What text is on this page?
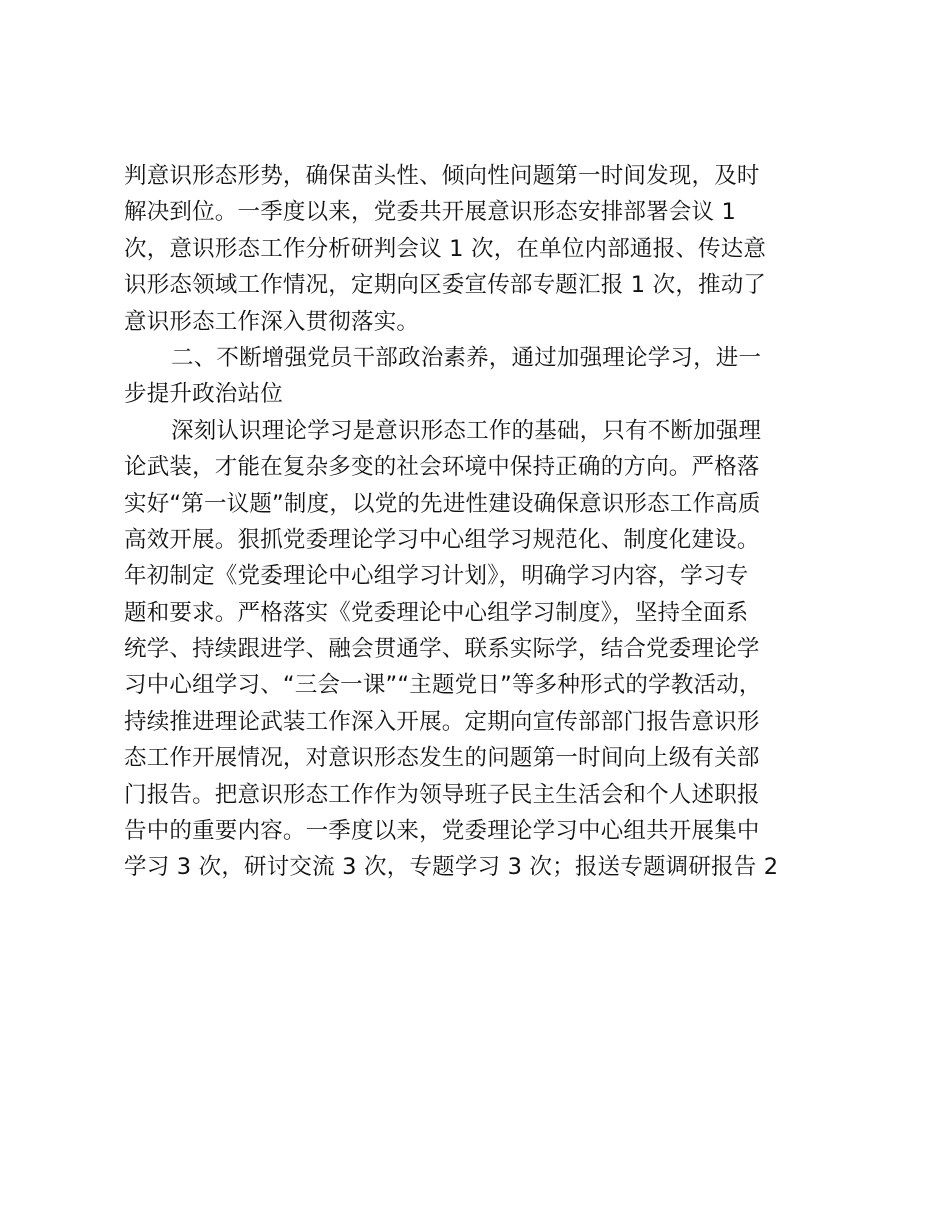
判意识形态形势，确保苗头性、倾向性问题第一时间发现，及时
解决到位。一季度以来，党委共开展意识形态安排部署会议 1
次，意识形态工作分析研判会议 1 次，在单位内部通报、传达意
识形态领域工作情况，定期向区委宣传部专题汇报 1 次，推动了
意识形态工作深入贯彻落实。
二、不断增强党员干部政治素养，通过加强理论学习，进一
步提升政治站位
深刻认识理论学习是意识形态工作的基础，只有不断加强理
论武装，才能在复杂多变的社会环境中保持正确的方向。严格落
实好“第一议题”制度，以党的先进性建设确保意识形态工作高质
高效开展。狠抓党委理论学习中心组学习规范化、制度化建设。
年初制定《党委理论中心组学习计划》，明确学习内容，学习专
题和要求。严格落实《党委理论中心组学习制度》，坚持全面系
统学、持续跟进学、融会贯通学、联系实际学，结合党委理论学
习中心组学习、“三会一课”“主题党日”等多种形式的学教活动，
持续推进理论武装工作深入开展。定期向宣传部部门报告意识形
态工作开展情况，对意识形态发生的问题第一时间向上级有关部
门报告。把意识形态工作作为领导班子民主生活会和个人述职报
告中的重要内容。一季度以来，党委理论学习中心组共开展集中
学习 3 次，研讨交流 3 次，专题学习 3 次；报送专题调研报告 2
